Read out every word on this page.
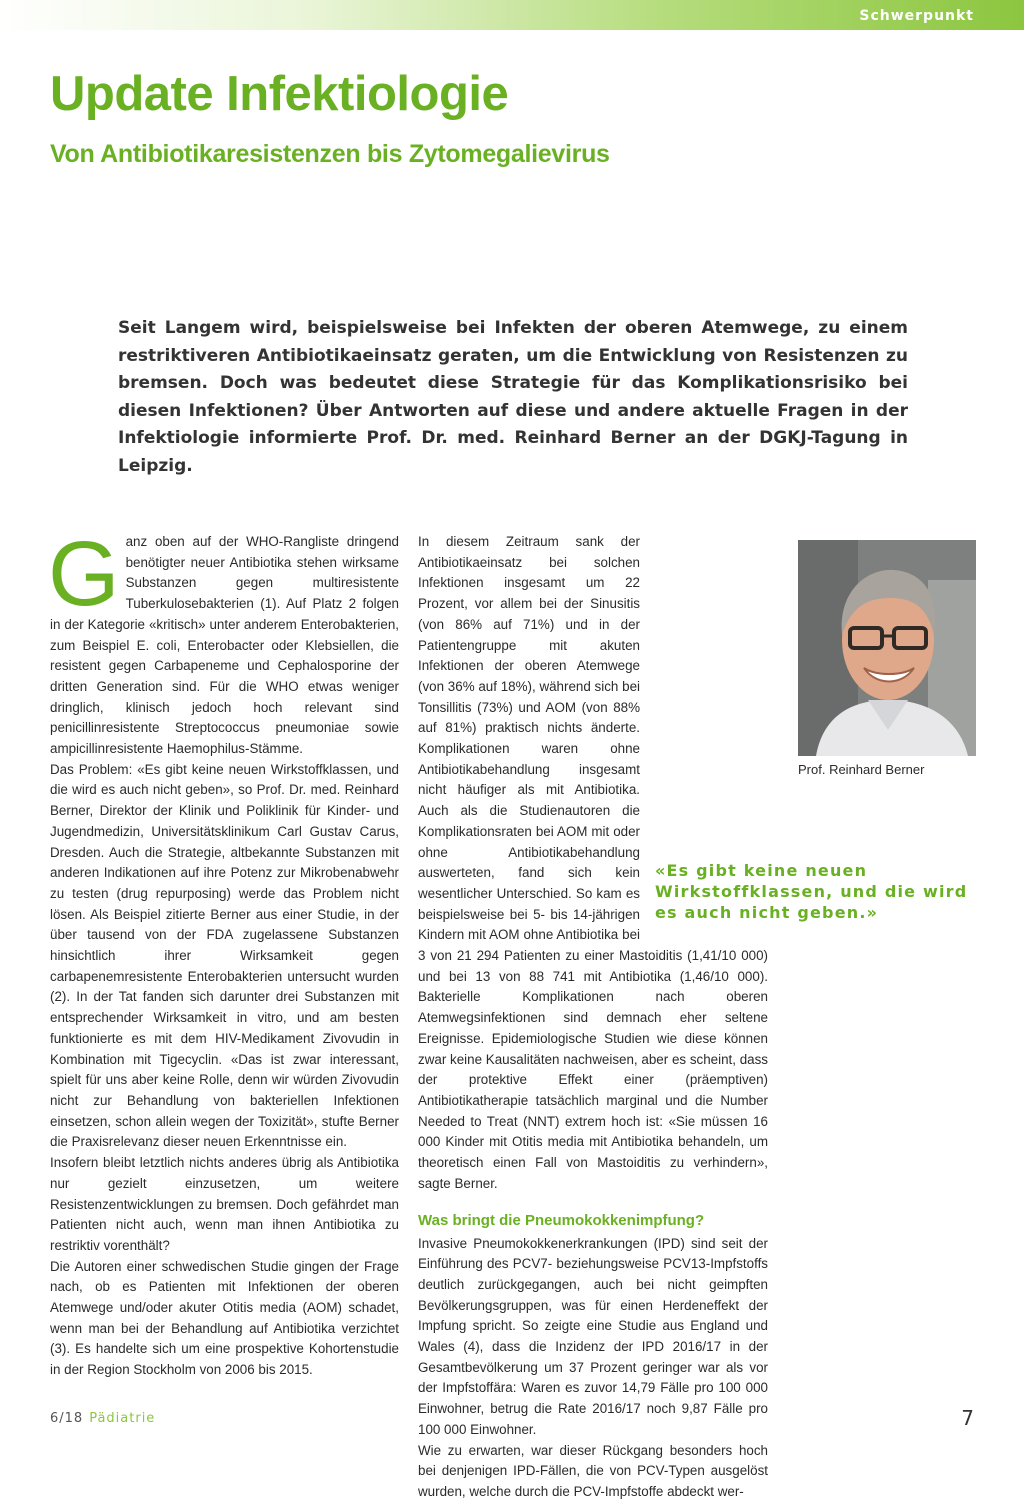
Schwerpunkt
Update Infektiologie
Von Antibiotikaresistenzen bis Zytomegalievirus

Seit Langem wird, beispielsweise bei Infekten der oberen Atemwege, zu einem restriktiveren Antibiotikaeinsatz geraten, um die Entwicklung von Resistenzen zu bremsen. Doch was bedeutet diese Strategie für das Komplikationsrisiko bei diesen Infektionen? Über Antworten auf diese und andere aktuelle Fragen in der Infektiologie informierte Prof. Dr. med. Reinhard Berner an der DGKJ-Tagung in Leipzig.

G anz oben auf der WHO-Rangliste dringend benötigter neuer Antibiotika stehen wirksame Substanzen gegen multiresistente Tuberkulosebakterien (1). Auf Platz 2 folgen in der Kategorie «kritisch» unter anderem Enterobakterien, zum Beispiel E. coli, Enterobacter oder Klebsiellen, die resistent gegen Carbapeneme und Cephalosporine der dritten Generation sind. Für die WHO etwas weniger dringlich, klinisch jedoch hoch relevant sind penicillinresistente Streptococcus pneumoniae sowie ampicillinresistente Haemophilus-Stämme.

Das Problem: «Es gibt keine neuen Wirkstoffklassen, und die wird es auch nicht geben», so Prof. Dr. med. Reinhard Berner, Direktor der Klinik und Poliklinik für Kinder- und Jugendmedizin, Universitätsklinikum Carl Gustav Carus, Dresden. Auch die Strategie, altbekannte Substanzen mit anderen Indikationen auf ihre Potenz zur Mikrobenabwehr zu testen (drug repurposing) werde das Problem nicht lösen. Als Beispiel zitierte Berner aus einer Studie, in der über tausend von der FDA zugelassene Substanzen hinsichtlich ihrer Wirksamkeit gegen carbapenemresistente Enterobakterien untersucht wurden (2). In der Tat fanden sich darunter drei Substanzen mit entsprechender Wirksamkeit in vitro, und am besten funktionierte es mit dem HIV-Medikament Zivovudin in Kombination mit Tigecyclin. «Das ist zwar interessant, spielt für uns aber keine Rolle, denn wir würden Zivovudin nicht zur Behandlung von bakteriellen Infektionen einsetzen, schon allein wegen der Toxizität», stufte Berner die Praxisrelevanz dieser neuen Erkenntnisse ein.

Insofern bleibt letztlich nichts anderes übrig als Antibiotika nur gezielt einzusetzen, um weitere Resistenzentwicklungen zu bremsen. Doch gefährdet man Patienten nicht auch, wenn man ihnen Antibiotika zu restriktiv vorenthält?

Die Autoren einer schwedischen Studie gingen der Frage nach, ob es Patienten mit Infektionen der oberen Atemwege und/oder akuter Otitis media (AOM) schadet, wenn man bei der Behandlung auf Antibiotika verzichtet (3). Es handelte sich um eine prospektive Kohortenstudie in der Region Stockholm von 2006 bis 2015.

In diesem Zeitraum sank der Antibiotikaeinsatz bei solchen Infektionen insgesamt um 22 Prozent, vor allem bei der Sinusitis (von 86% auf 71%) und in der Patientengruppe mit akuten Infektionen der oberen Atemwege (von 36% auf 18%), während sich bei Tonsillitis (73%) und AOM (von 88% auf 81%) praktisch nichts änderte. Komplikationen waren ohne Antibiotikabehandlung insgesamt nicht häufiger als mit Antibiotika. Auch als die Studienautoren die Komplikationsraten bei AOM mit oder ohne Antibiotikabehandlung auswerteten, fand sich kein wesentlicher Unterschied. So kam es beispielsweise bei 5- bis 14-jährigen Kindern mit AOM ohne Antibiotika bei 3 von 21 294 Patienten zu einer Mastoiditis (1,41/10 000) und bei 13 von 88 741 mit Antibiotika (1,46/10 000). Bakterielle Komplikationen nach oberen Atemwegsinfektionen sind demnach eher seltene Ereignisse. Epidemiologische Studien wie diese können zwar keine Kausalitäten nachweisen, aber es scheint, dass der protektive Effekt einer (präemptiven) Antibiotikatherapie tatsächlich marginal und die Number Needed to Treat (NNT) extrem hoch ist: «Sie müssen 16 000 Kinder mit Otitis media mit Antibiotika behandeln, um theoretisch einen Fall von Mastoiditis zu verhindern», sagte Berner.

Was bringt die Pneumokokkenimpfung?

Invasive Pneumokokkenerkrankungen (IPD) sind seit der Einführung des PCV7- beziehungsweise PCV13-Impfstoffs deutlich zurückgegangen, auch bei nicht geimpften Bevölkerungsgruppen, was für einen Herdeneffekt der Impfung spricht. So zeigte eine Studie aus England und Wales (4), dass die Inzidenz der IPD 2016/17 in der Gesamtbevölkerung um 37 Prozent geringer war als vor der Impfstoffära: Waren es zuvor 14,79 Fälle pro 100 000 Einwohner, betrug die Rate 2016/17 noch 9,87 Fälle pro 100 000 Einwohner.

Wie zu erwarten, war dieser Rückgang besonders hoch bei denjenigen IPD-Fällen, die von PCV-Typen ausgelöst wurden, welche durch die PCV-Impfstoffe abdeckt wer-

Prof. Reinhard Berner

«Es gibt keine neuen Wirkstoffklassen, und die wird es auch nicht geben.»

6/18 Pädiatrie	7
